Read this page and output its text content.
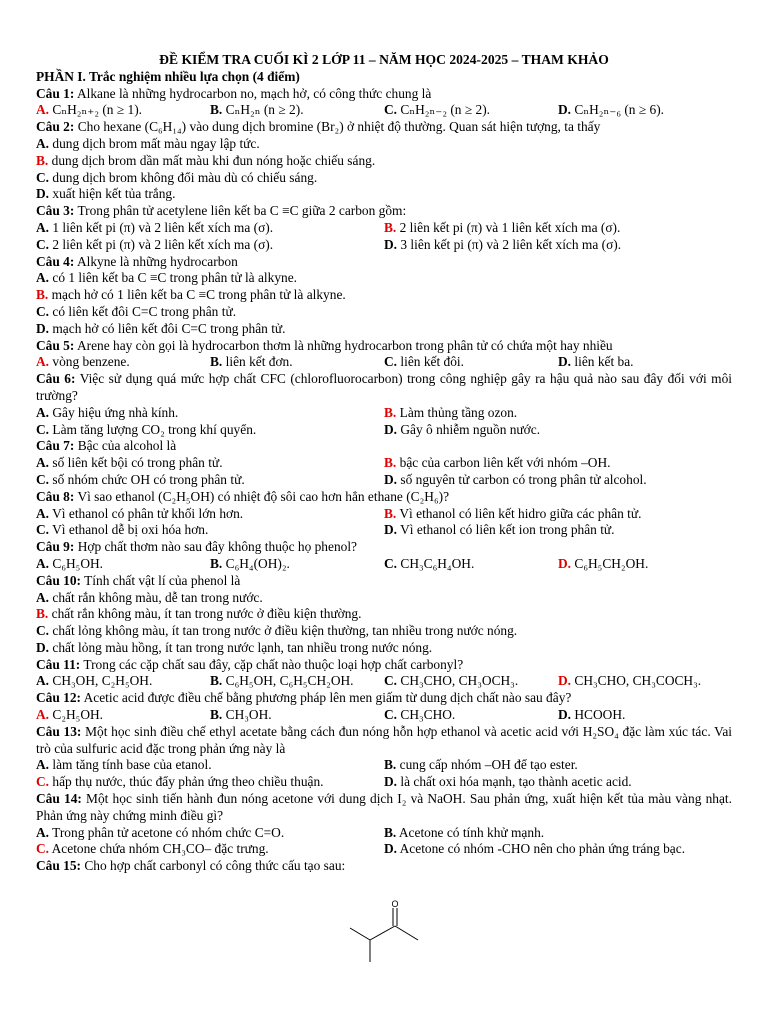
ĐỀ KIỂM TRA CUỐI KÌ 2 LỚP 11 – NĂM HỌC 2024-2025 – THAM KHẢO
PHẦN I. Trắc nghiệm nhiều lựa chọn (4 điểm)
Câu 1: Alkane là những hydrocarbon no, mạch hở, có công thức chung là
A. CₙH₂ₙ₊₂ (n ≥ 1).	B. CₙH₂ₙ (n ≥ 2).	C. CₙH₂ₙ₋₂ (n ≥ 2).	D. CₙH₂ₙ₋₆ (n ≥ 6).
Câu 2: Cho hexane (C₆H₁₄) vào dung dịch bromine (Br₂) ở nhiệt độ thường. Quan sát hiện tượng, ta thấy
A. dung dịch brom mất màu ngay lập tức.
B. dung dịch brom dần mất màu khi đun nóng hoặc chiếu sáng.
C. dung dịch brom không đổi màu dù có chiếu sáng.
D. xuất hiện kết tủa trắng.
Câu 3: Trong phân tử acetylene liên kết ba C ≡C giữa 2 carbon gồm:
A. 1 liên kết pi (π) và 2 liên kết xích ma (σ).	B. 2 liên kết pi (π) và 1 liên kết xích ma (σ).
C. 2 liên kết pi (π) và 2 liên kết xích ma (σ).	D. 3 liên kết pi (π) và 2 liên kết xích ma (σ).
Câu 4: Alkyne là những hydrocarbon
A. có 1 liên kết ba C ≡C trong phân tử là alkyne.
B. mạch hở có 1 liên kết ba C ≡C trong phân tử là alkyne.
C. có liên kết đôi C=C trong phân tử.
D. mạch hở có liên kết đôi C=C trong phân tử.
Câu 5: Arene hay còn gọi là hydrocarbon thơm là những hydrocarbon trong phân tử có chứa một hay nhiều
A. vòng benzene.	B. liên kết đơn.	C. liên kết đôi.	D. liên kết ba.
Câu 6: Việc sử dụng quá mức hợp chất CFC (chlorofluorocarbon) trong công nghiệp gây ra hậu quả nào sau đây đối với môi trường?
A. Gây hiệu ứng nhà kính.	B. Làm thủng tầng ozon.
C. Làm tăng lượng CO₂ trong khí quyển.	D. Gây ô nhiễm nguồn nước.
Câu 7: Bậc của alcohol là
A. số liên kết bội có trong phân tử.	B. bậc của carbon liên kết với nhóm –OH.
C. số nhóm chức OH có trong phân tử.	D. số nguyên tử carbon có trong phân tử alcohol.
Câu 8: Vì sao ethanol (C₂H₅OH) có nhiệt độ sôi cao hơn hẳn ethane (C₂H₆)?
A. Vì ethanol có phân tử khối lớn hơn.	B. Vì ethanol có liên kết hidro giữa các phân tử.
C. Vì ethanol dễ bị oxi hóa hơn.	D. Vì ethanol có liên kết ion trong phân tử.
Câu 9: Hợp chất thơm nào sau đây không thuộc họ phenol?
A. C₆H₅OH.	B. C₆H₄(OH)₂.	C. CH₃C₆H₄OH.	D. C₆H₅CH₂OH.
Câu 10: Tính chất vật lí của phenol là
A. chất rắn không màu, dễ tan trong nước.
B. chất rắn không màu, ít tan trong nước ở điều kiện thường.
C. chất lỏng không màu, ít tan trong nước ở điều kiện thường, tan nhiều trong nước nóng.
D. chất lỏng màu hồng, ít tan trong nước lạnh, tan nhiều trong nước nóng.
Câu 11: Trong các cặp chất sau đây, cặp chất nào thuộc loại hợp chất carbonyl?
A. CH₃OH, C₂H₅OH.	B. C₆H₅OH, C₆H₅CH₂OH.	C. CH₃CHO, CH₃OCH₃.	D. CH₃CHO, CH₃COCH₃.
Câu 12: Acetic acid được điều chế bằng phương pháp lên men giấm từ dung dịch chất nào sau đây?
A. C₂H₅OH.	B. CH₃OH.	C. CH₃CHO.	D. HCOOH.
Câu 13: Một học sinh điều chế ethyl acetate bằng cách đun nóng hỗn hợp ethanol và acetic acid với H₂SO₄ đặc làm xúc tác. Vai trò của sulfuric acid đặc trong phản ứng này là
A. làm tăng tính base của etanol.	B. cung cấp nhóm –OH để tạo ester.
C. hấp thụ nước, thúc đẩy phản ứng theo chiều thuận.	D. là chất oxi hóa mạnh, tạo thành acetic acid.
Câu 14: Một học sinh tiến hành đun nóng acetone với dung dịch I₂ và NaOH. Sau phản ứng, xuất hiện kết tủa màu vàng nhạt. Phản ứng này chứng minh điều gì?
A. Trong phân tử acetone có nhóm chức C=O.	B. Acetone có tính khử mạnh.
C. Acetone chứa nhóm CH₃CO– đặc trưng.	D. Acetone có nhóm -CHO nên cho phản ứng tráng bạc.
Câu 15: Cho hợp chất carbonyl có công thức cấu tạo sau:
O
